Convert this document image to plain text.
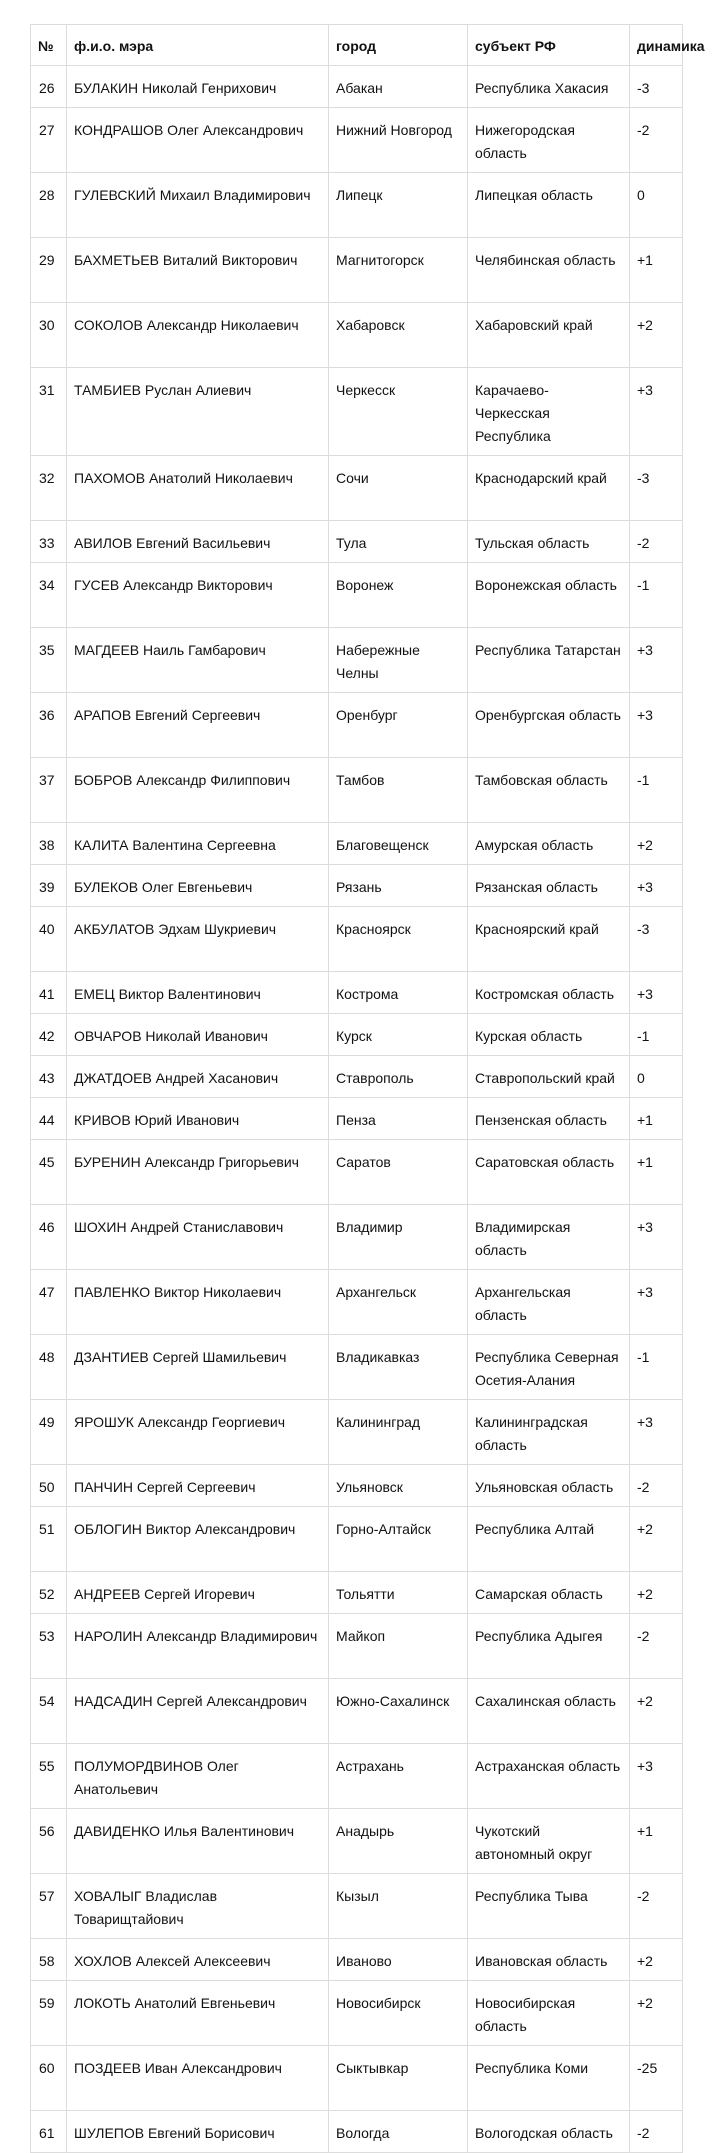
№	ф.и.о. мэра	город	субъект РФ	динамика
26	БУЛАКИН Николай Генрихович	Абакан	Республика Хакасия	-3
27	КОНДРАШОВ Олег Александрович	Нижний Новгород	Нижегородская область	-2
28	ГУЛЕВСКИЙ Михаил Владимирович	Липецк	Липецкая область	0
29	БАХМЕТЬЕВ Виталий Викторович	Магнитогорск	Челябинская область	+1
30	СОКОЛОВ Александр Николаевич	Хабаровск	Хабаровский край	+2
31	ТАМБИЕВ Руслан Алиевич	Черкесск	Карачаево-Черкесская Республика	+3
32	ПАХОМОВ Анатолий Николаевич	Сочи	Краснодарский край	-3
33	АВИЛОВ Евгений Васильевич	Тула	Тульская область	-2
34	ГУСЕВ Александр Викторович	Воронеж	Воронежская область	-1
35	МАГДЕЕВ Наиль Гамбарович	Набережные Челны	Республика Татарстан	+3
36	АРАПОВ Евгений Сергеевич	Оренбург	Оренбургская область	+3
37	БОБРОВ Александр Филиппович	Тамбов	Тамбовская область	-1
38	КАЛИТА Валентина Сергеевна	Благовещенск	Амурская область	+2
39	БУЛЕКОВ Олег Евгеньевич	Рязань	Рязанская область	+3
40	АКБУЛАТОВ Эдхам Шукриевич	Красноярск	Красноярский край	-3
41	ЕМЕЦ Виктор Валентинович	Кострома	Костромская область	+3
42	ОВЧАРОВ Николай Иванович	Курск	Курская область	-1
43	ДЖАТДОЕВ Андрей Хасанович	Ставрополь	Ставропольский край	0
44	КРИВОВ Юрий Иванович	Пенза	Пензенская область	+1
45	БУРЕНИН Александр Григорьевич	Саратов	Саратовская область	+1
46	ШОХИН Андрей Станиславович	Владимир	Владимирская область	+3
47	ПАВЛЕНКО Виктор Николаевич	Архангельск	Архангельская область	+3
48	ДЗАНТИЕВ Сергей Шамильевич	Владикавказ	Республика Северная Осетия-Алания	-1
49	ЯРОШУК Александр Георгиевич	Калининград	Калининградская область	+3
50	ПАНЧИН Сергей Сергеевич	Ульяновск	Ульяновская область	-2
51	ОБЛОГИН Виктор Александрович	Горно-Алтайск	Республика Алтай	+2
52	АНДРЕЕВ Сергей Игоревич	Тольятти	Самарская область	+2
53	НАРОЛИН Александр Владимирович	Майкоп	Республика Адыгея	-2
54	НАДСАДИН Сергей Александрович	Южно-Сахалинск	Сахалинская область	+2
55	ПОЛУМОРДВИНОВ Олег Анатольевич	Астрахань	Астраханская область	+3
56	ДАВИДЕНКО Илья Валентинович	Анадырь	Чукотский автономный округ	+1
57	ХОВАЛЫГ Владислав Товарищтайович	Кызыл	Республика Тыва	-2
58	ХОХЛОВ Алексей Алексеевич	Иваново	Ивановская область	+2
59	ЛОКОТЬ Анатолий Евгеньевич	Новосибирск	Новосибирская область	+2
60	ПОЗДЕЕВ Иван Александрович	Сыктывкар	Республика Коми	-25
61	ШУЛЕПОВ Евгений Борисович	Вологда	Вологодская область	-2
